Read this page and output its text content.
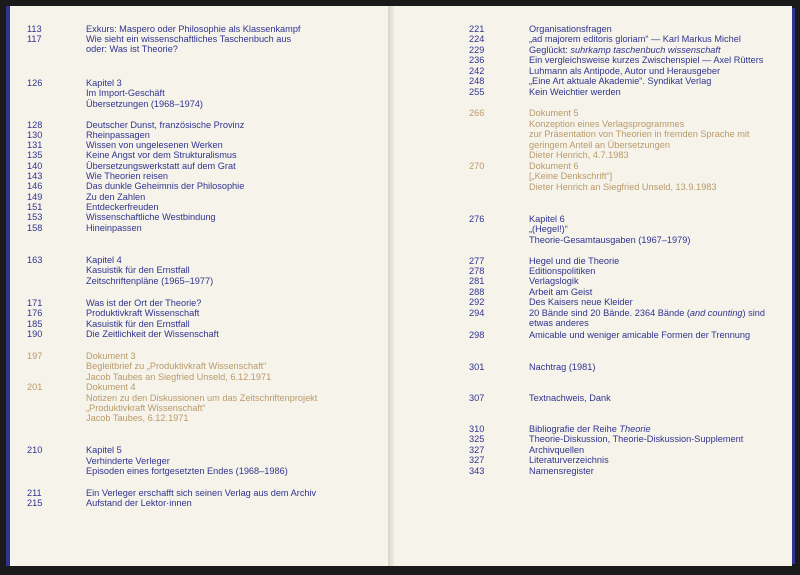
113	Exkurs: Maspero oder Philosophie als Klassenkampf
117	Wie sieht ein wissenschaftliches Taschenbuch aus
oder: Was ist Theorie?
126	Kapitel 3
Im Import-Geschäft
Übersetzungen (1968–1974)
128	Deutscher Dunst, französische Provinz
130	Rheinpassagen
131	Wissen von ungelesenen Werken
135	Keine Angst vor dem Strukturalismus
140	Übersetzungswerkstatt auf dem Grat
143	Wie Theorien reisen
146	Das dunkle Geheimnis der Philosophie
149	Zu den Zahlen
151	Entdeckerfreuden
153	Wissenschaftliche Westbindung
158	Hineinpassen
163	Kapitel 4
Kasuistik für den Ernstfall
Zeitschriftenpläne (1965–1977)
171	Was ist der Ort der Theorie?
176	Produktivkraft Wissenschaft
185	Kasuistik für den Ernstfall
190	Die Zeitlichkeit der Wissenschaft
197	Dokument 3
Begleitbrief zu „Produktivkraft Wissenschaft“
Jacob Taubes an Siegfried Unseld, 6.12.1971
201	Dokument 4
Notizen zu den Diskussionen um das Zeitschriftenprojekt
„Produktivkraft Wissenschaft“
Jacob Taubes, 6.12.1971
210	Kapitel 5
Verhinderte Verleger
Episoden eines fortgesetzten Endes (1968–1986)
211	Ein Verleger erschafft sich seinen Verlag aus dem Archiv
215	Aufstand der Lektor·innen
221	Organisationsfragen
224	„ad majorem editoris gloriam“ — Karl Markus Michel
229	Geglückt: suhrkamp taschenbuch wissenschaft
236	Ein vergleichsweise kurzes Zwischenspiel — Axel Rütters
242	Luhmann als Antipode, Autor und Herausgeber
248	„Eine Art aktuale Akademie“. Syndikat Verlag
255	Kein Weichtier werden
266	Dokument 5
Konzeption eines Verlagsprogrammes
zur Präsentation von Theorien in fremden Sprache mit
geringem Anteil an Übersetzungen
Dieter Henrich, 4.7.1983
270	Dokument 6
[„Keine Denkschrift“]
Dieter Henrich an Siegfried Unseld, 13.9.1983
276	Kapitel 6
„(Hegel!)“
Theorie-Gesamtausgaben (1967–1979)
277	Hegel und die Theorie
278	Editionspolitiken
281	Verlagslogik
288	Arbeit am Geist
292	Des Kaisers neue Kleider
294	20 Bände sind 20 Bände. 2364 Bände (and counting) sind
etwas anderes
298	Amicable und weniger amicable Formen der Trennung
301	Nachtrag (1981)
307	Textnachweis, Dank
310	Bibliografie der Reihe Theorie
325	Theorie-Diskussion, Theorie-Diskussion-Supplement
327	Archivquellen
327	Literaturverzeichnis
343	Namensregister
